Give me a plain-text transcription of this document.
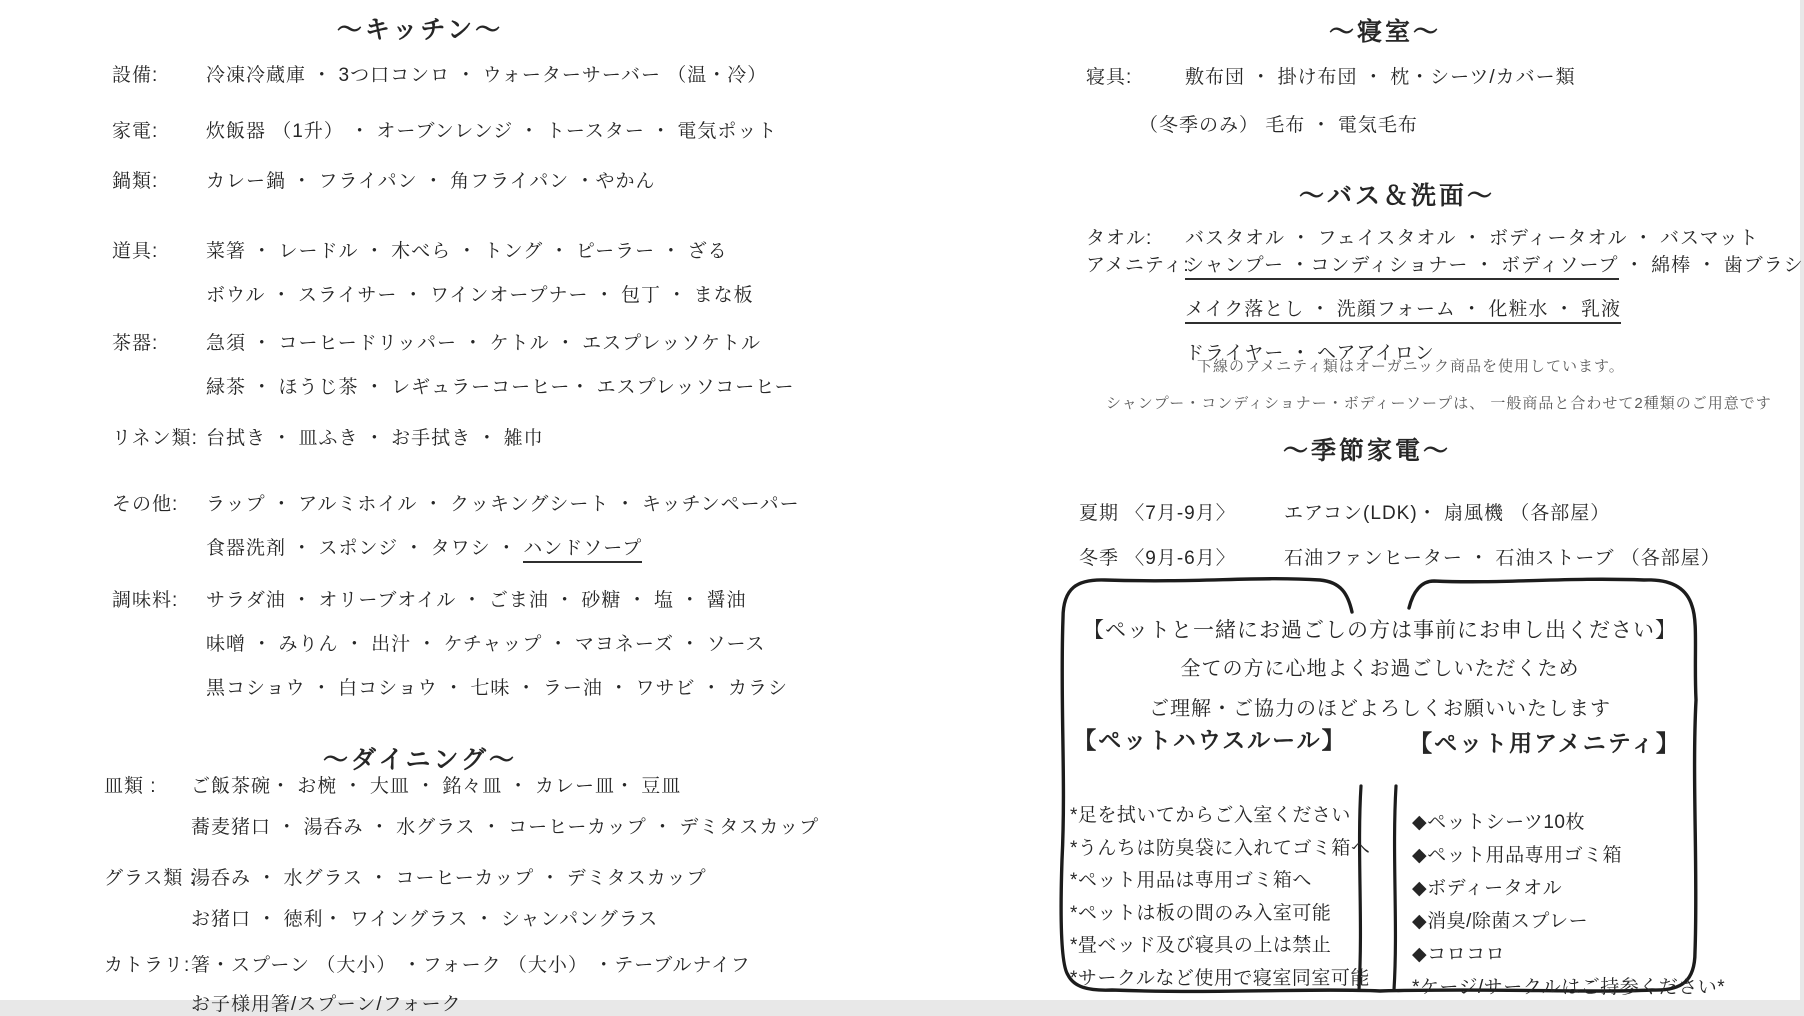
～キッチン～
設備:	冷凍冷蔵庫 ・ 3つ口コンロ ・ ウォーターサーバー （温・冷）
家電:	炊飯器 （1升） ・ オーブンレンジ ・ トースター ・ 電気ポット
鍋類:	カレー鍋 ・ フライパン ・ 角フライパン ・やかん
道具:	菜箸 ・ レードル ・ 木べら ・ トング ・ ピーラー ・ ざる
ボウル ・ スライサー ・ ワインオープナー ・ 包丁 ・ まな板
茶器:	急須 ・ コーヒードリッパー ・ ケトル ・ エスプレッソケトル
緑茶 ・ ほうじ茶 ・ レギュラーコーヒー・ エスプレッソコーヒー
リネン類: 台拭き ・ 皿ふき ・ お手拭き ・ 雑巾
その他:	ラップ ・ アルミホイル ・ クッキングシート ・ キッチンペーパー
食器洗剤 ・ スポンジ ・ タワシ ・ ハンドソープ
調味料:	サラダ油 ・ オリーブオイル ・ ごま油 ・ 砂糖 ・ 塩 ・ 醤油
味噌 ・ みりん ・ 出汁 ・ ケチャップ ・ マヨネーズ ・ ソース
黒コショウ ・ 白コショウ ・ 七味 ・ ラー油 ・ ワサビ ・ カラシ
～ダイニング～
皿類 :	ご飯茶碗・ お椀 ・ 大皿 ・ 銘々皿 ・ カレー皿・ 豆皿
蕎麦猪口 ・ 湯呑み ・ 水グラス ・ コーヒーカップ ・ デミタスカップ
グラス類 :
湯呑み ・ 水グラス ・ コーヒーカップ ・ デミタスカップ
お猪口 ・ 徳利・ ワイングラス ・ シャンパングラス
カトラリ: 箸・スプーン （大小） ・フォーク （大小） ・テーブルナイフ
お子様用箸/スプーン/フォーク
～寝室～
寝具:	敷布団 ・ 掛け布団 ・ 枕・シーツ/カバー類
（冬季のみ） 毛布 ・ 電気毛布
～バス＆洗面～
タオル:	バスタオル ・ フェイスタオル ・ ボディータオル ・ バスマット
アメニティ:
シャンプー ・コンディショナー ・ ボディソープ ・ 綿棒 ・ 歯ブラシ
メイク落とし ・ 洗顔フォーム ・ 化粧水 ・ 乳液
ドライヤー ・ ヘアアイロン
下線のアメニティ類はオーガニック商品を使用しています。
シャンプー・コンディショナー・ボディーソープは、 一般商品と合わせて2種類のご用意です
～季節家電～
夏期 〈7月-9月〉	エアコン(LDK)・ 扇風機 （各部屋）
冬季 〈9月-6月〉	石油ファンヒーター ・ 石油ストーブ （各部屋）
【ペットと一緒にお過ごしの方は事前にお申し出ください】
全ての方に心地よくお過ごしいただくため
ご理解・ご協力のほどよろしくお願いいたします
【ペットハウスルール】
*足を拭いてからご入室ください
*うんちは防臭袋に入れてゴミ箱へ
*ペット用品は専用ゴミ箱へ
*ペットは板の間のみ入室可能
*畳ベッド及び寝具の上は禁止
*サークルなど使用で寝室同室可能
【ペット用アメニティ】
◆ペットシーツ10枚
◆ペット用品専用ゴミ箱
◆ボディータオル
◆消臭/除菌スプレー
◆コロコロ
*ケージ/サークルはご持参ください*
